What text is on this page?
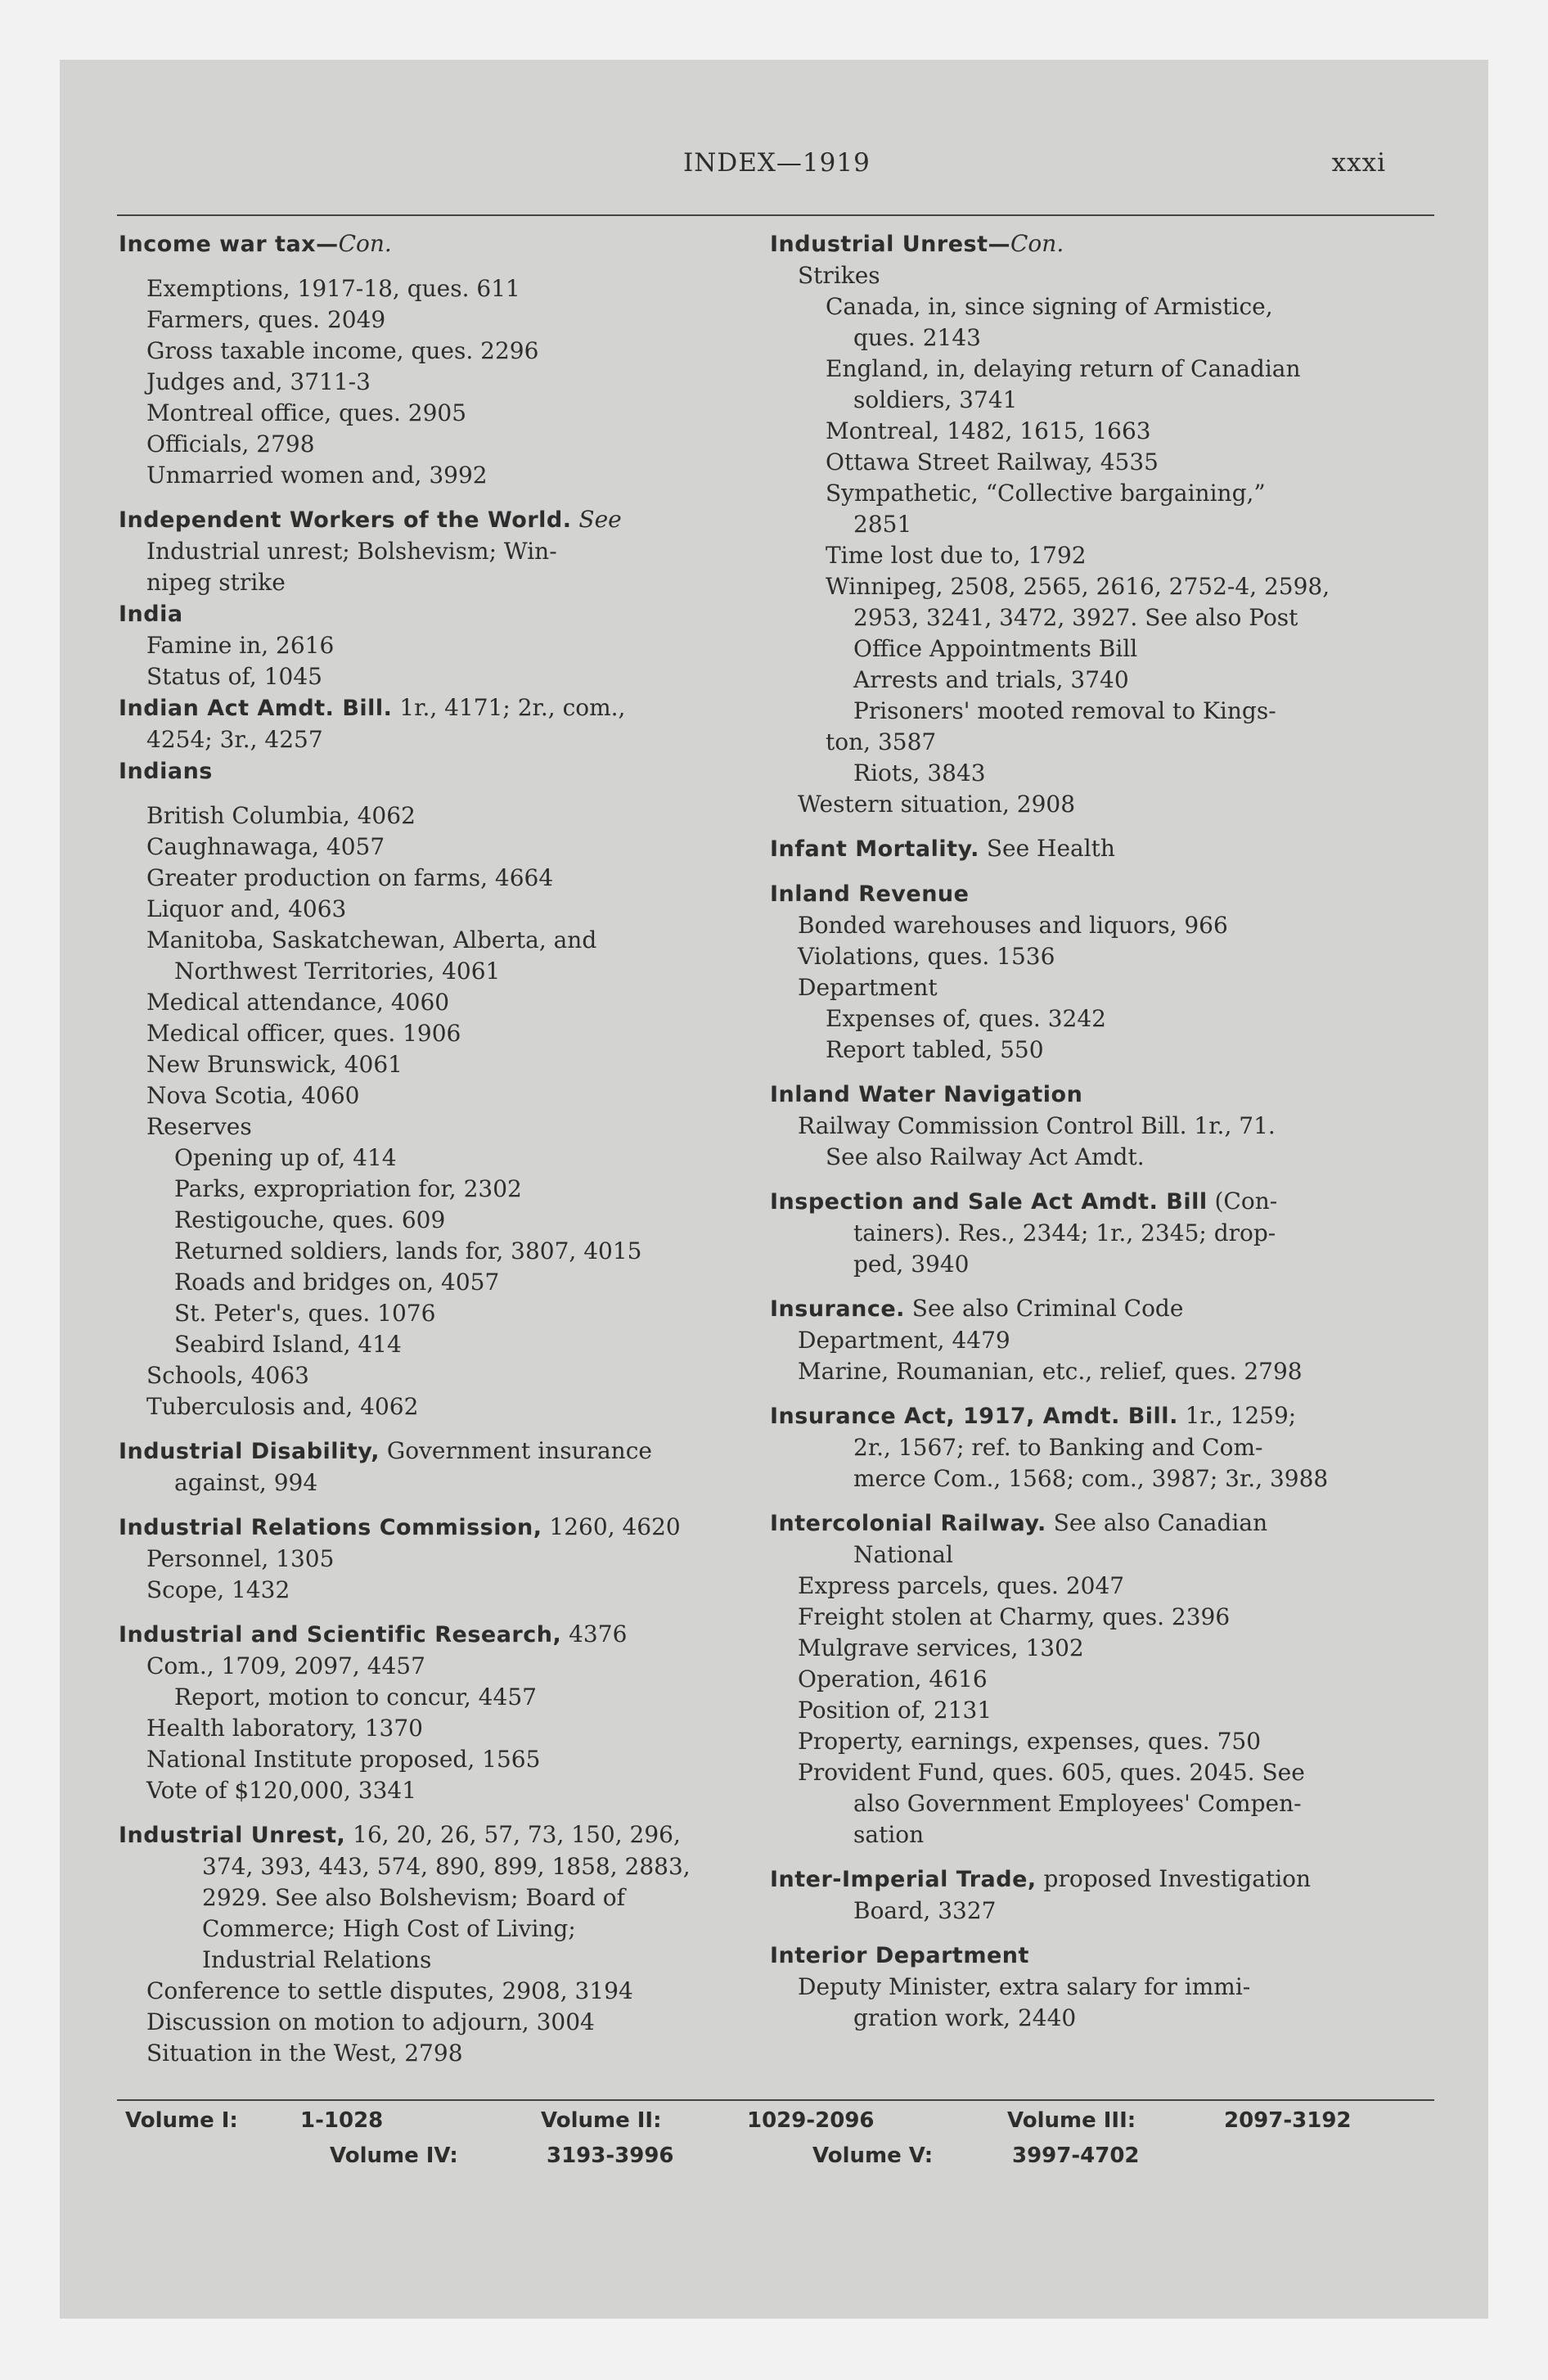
INDEX—1919	xxxi
Income war tax—Con.
Exemptions, 1917-18, ques. 611
Farmers, ques. 2049
Gross taxable income, ques. 2296
Judges and, 3711-3
Montreal office, ques. 2905
Officials, 2798
Unmarried women and, 3992
Independent Workers of the World. See
Industrial unrest; Bolshevism; Win-
nipeg strike
India
Famine in, 2616
Status of, 1045
Indian Act Amdt. Bill. 1r., 4171; 2r., com.,
4254; 3r., 4257
Indians
British Columbia, 4062
Caughnawaga, 4057
Greater production on farms, 4664
Liquor and, 4063
Manitoba, Saskatchewan, Alberta, and
Northwest Territories, 4061
Medical attendance, 4060
Medical officer, ques. 1906
New Brunswick, 4061
Nova Scotia, 4060
Reserves
Opening up of, 414
Parks, expropriation for, 2302
Restigouche, ques. 609
Returned soldiers, lands for, 3807, 4015
Roads and bridges on, 4057
St. Peter's, ques. 1076
Seabird Island, 414
Schools, 4063
Tuberculosis and, 4062
Industrial Disability, Government insurance
against, 994
Industrial Relations Commission, 1260, 4620
Personnel, 1305
Scope, 1432
Industrial and Scientific Research, 4376
Com., 1709, 2097, 4457
Report, motion to concur, 4457
Health laboratory, 1370
National Institute proposed, 1565
Vote of $120,000, 3341
Industrial Unrest, 16, 20, 26, 57, 73, 150, 296,
374, 393, 443, 574, 890, 899, 1858, 2883,
2929. See also Bolshevism; Board of
Commerce; High Cost of Living;
Industrial Relations
Conference to settle disputes, 2908, 3194
Discussion on motion to adjourn, 3004
Situation in the West, 2798
Industrial Unrest—Con.
Strikes
Canada, in, since signing of Armistice,
ques. 2143
England, in, delaying return of Canadian
soldiers, 3741
Montreal, 1482, 1615, 1663
Ottawa Street Railway, 4535
Sympathetic, “Collective bargaining,”
2851
Time lost due to, 1792
Winnipeg, 2508, 2565, 2616, 2752-4, 2598,
2953, 3241, 3472, 3927. See also Post
Office Appointments Bill
Arrests and trials, 3740
Prisoners' mooted removal to Kings-
ton, 3587
Riots, 3843
Western situation, 2908
Infant Mortality. See Health
Inland Revenue
Bonded warehouses and liquors, 966
Violations, ques. 1536
Department
Expenses of, ques. 3242
Report tabled, 550
Inland Water Navigation
Railway Commission Control Bill. 1r., 71.
See also Railway Act Amdt.
Inspection and Sale Act Amdt. Bill (Con-
tainers). Res., 2344; 1r., 2345; drop-
ped, 3940
Insurance. See also Criminal Code
Department, 4479
Marine, Roumanian, etc., relief, ques. 2798
Insurance Act, 1917, Amdt. Bill. 1r., 1259;
2r., 1567; ref. to Banking and Com-
merce Com., 1568; com., 3987; 3r., 3988
Intercolonial Railway. See also Canadian
National
Express parcels, ques. 2047
Freight stolen at Charmy, ques. 2396
Mulgrave services, 1302
Operation, 4616
Position of, 2131
Property, earnings, expenses, ques. 750
Provident Fund, ques. 605, ques. 2045. See
also Government Employees' Compen-
sation
Inter-Imperial Trade, proposed Investigation
Board, 3327
Interior Department
Deputy Minister, extra salary for immi-
gration work, 2440
Volume I:	1-1028	Volume II:	1029-2096	Volume III:	2097-3192
Volume IV:	3193-3996	Volume V:	3997-4702
